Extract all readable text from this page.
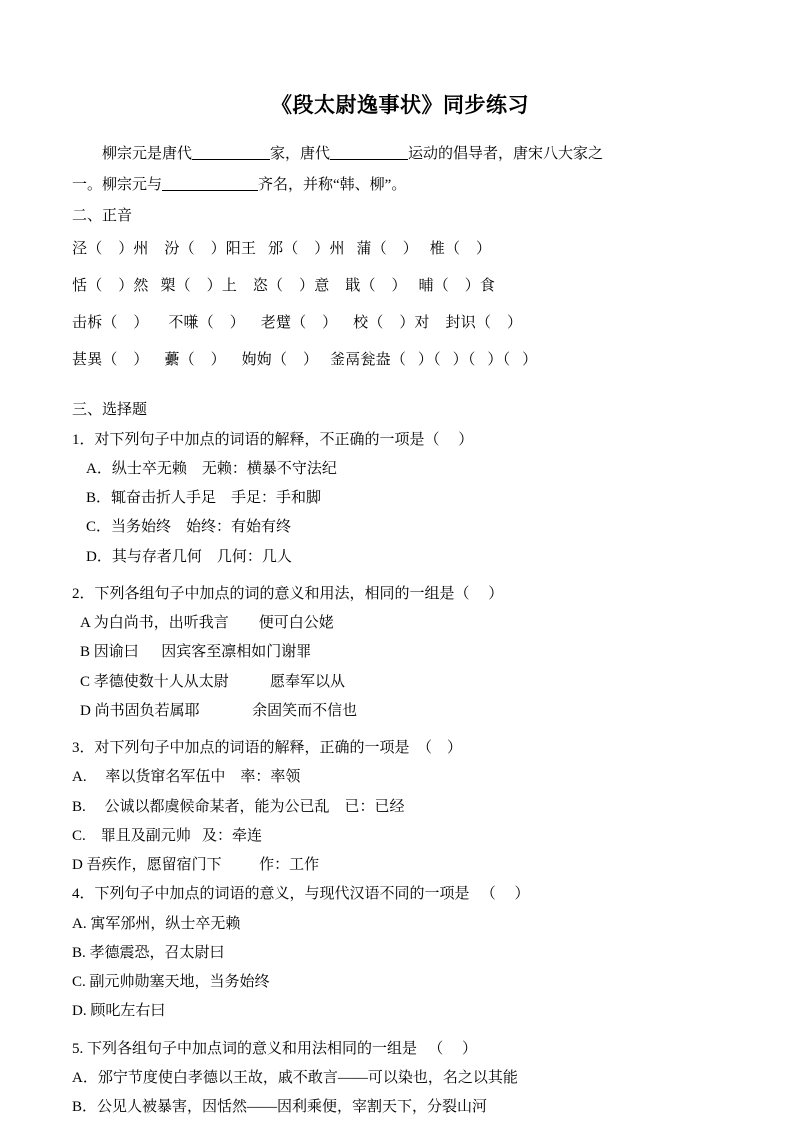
《段太尉逸事状》同步练习
柳宗元是唐代	家，唐代	运动的倡导者，唐宋八大家之
一。柳宗元与	齐名，并称“韩、柳”。
二、正音
泾（    ）州    汾（    ）阳王   邠（    ）州   蒲（    ）   椎（    ）
恬（    ）然   槊（    ）上    恣（    ）意    戢（    ）   晡（    ）食
击柝（    ）     不嗛（    ）    老躄（    ）    校（    ）对    封识（    ）
甚異（    ）    虆（    ）    姁姁（    ）   釜鬲瓮盎（   ）（   ）（   ）（   ）
三、选择题
1．对下列句子中加点的词语的解释，不正确的一项是（     ）
A．纵士卒无赖    无赖：横暴不守法纪
B．辄奋击折人手足    手足：手和脚
C．当务始终    始终：有始有终
D．其与存者几何    几何：几人
2．下列各组句子中加点的词的意义和用法，相同的一组是（     ）
A 为白尚书，出听我言        便可白公姥
B 因谕曰      因宾客至凛相如门谢罪
C 孝德使数十人从太尉           愿奉军以从
D 尚书固负若属耶              余固笑而不信也
3．对下列句子中加点的词语的解释，正确的一项是  （    ）
A.     率以货窜名军伍中    率：率领
B.     公诚以都虞候命某者，能为公已乱    已：已经
C.    罪且及副元帅   及：牵连
D 吾疾作，愿留宿门下          作：工作
4．下列句子中加点的词语的意义，与现代汉语不同的一项是   （     ）
A. 寓军邠州，纵士卒无赖
B. 孝德震恐，召太尉曰
C. 副元帅勋塞天地，当务始终
D. 顾叱左右曰
5. 下列各组句子中加点词的意义和用法相同的一组是   （     ）
A．邠宁节度使白孝德以王故，戚不敢言——可以染也，名之以其能
B．公见人被暴害，因恬然——因利乘便，宰割天下，分裂山河
